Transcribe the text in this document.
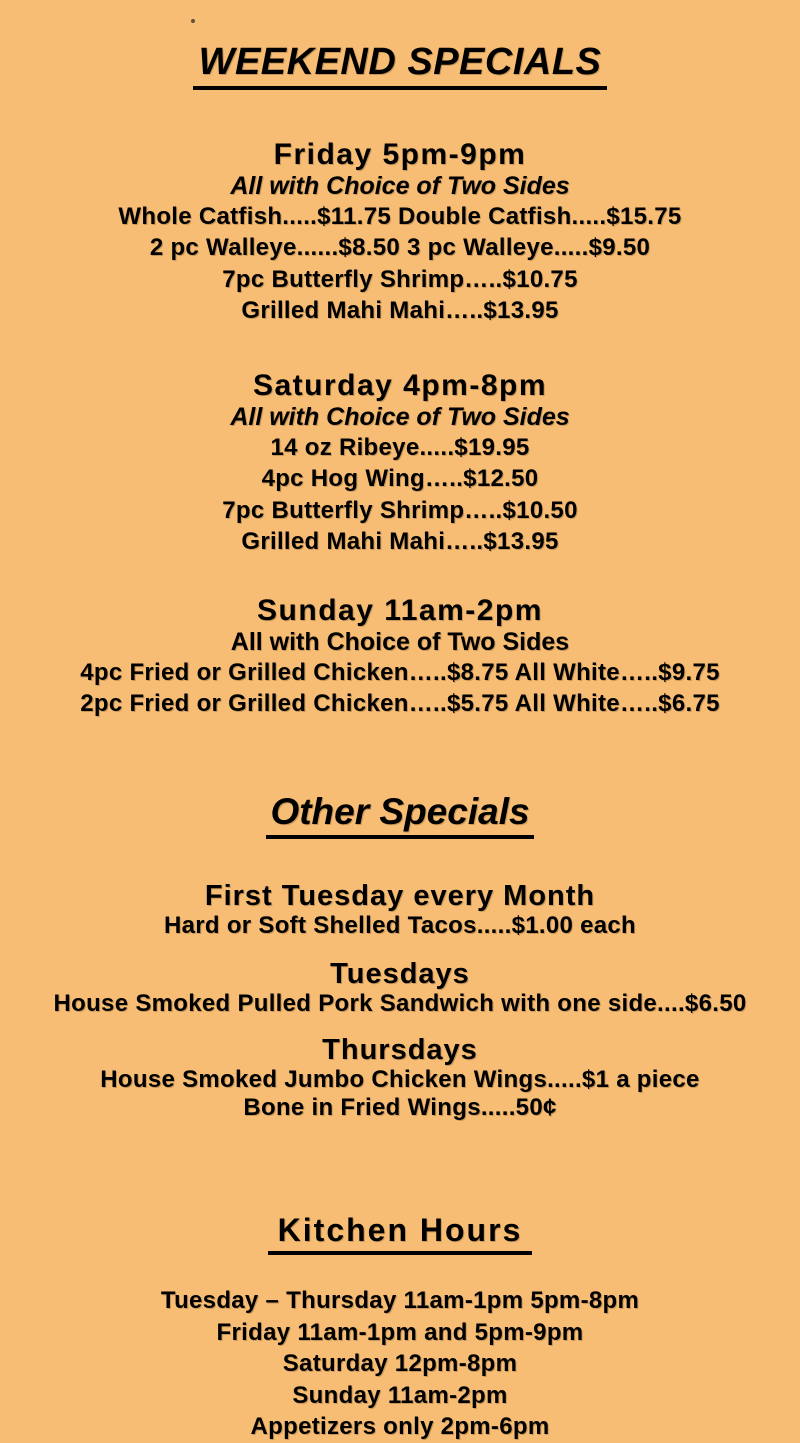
WEEKEND SPECIALS
Friday 5pm-9pm
All with Choice of Two Sides
Whole Catfish.....$11.75 Double Catfish.....$15.75
2 pc Walleye......$8.50 3 pc Walleye.....$9.50
7pc Butterfly Shrimp…..$10.75
Grilled Mahi Mahi…..$13.95
Saturday 4pm-8pm
All with Choice of Two Sides
14 oz Ribeye.....$19.95
4pc Hog Wing…..$12.50
7pc Butterfly Shrimp…..$10.50
Grilled Mahi Mahi…..$13.95
Sunday 11am-2pm
All with Choice of Two Sides
4pc Fried or Grilled Chicken…..$8.75 All White…..$9.75
2pc Fried or Grilled Chicken…..$5.75 All White…..$6.75
Other Specials
First Tuesday every Month
Hard or Soft Shelled Tacos.....$1.00 each
Tuesdays
House Smoked Pulled Pork Sandwich with one side....$6.50
Thursdays
House Smoked Jumbo Chicken Wings.....$1 a piece
Bone in Fried Wings.....50¢
Kitchen Hours
Tuesday – Thursday 11am-1pm 5pm-8pm
Friday 11am-1pm and 5pm-9pm
Saturday 12pm-8pm
Sunday 11am-2pm
Appetizers only 2pm-6pm
